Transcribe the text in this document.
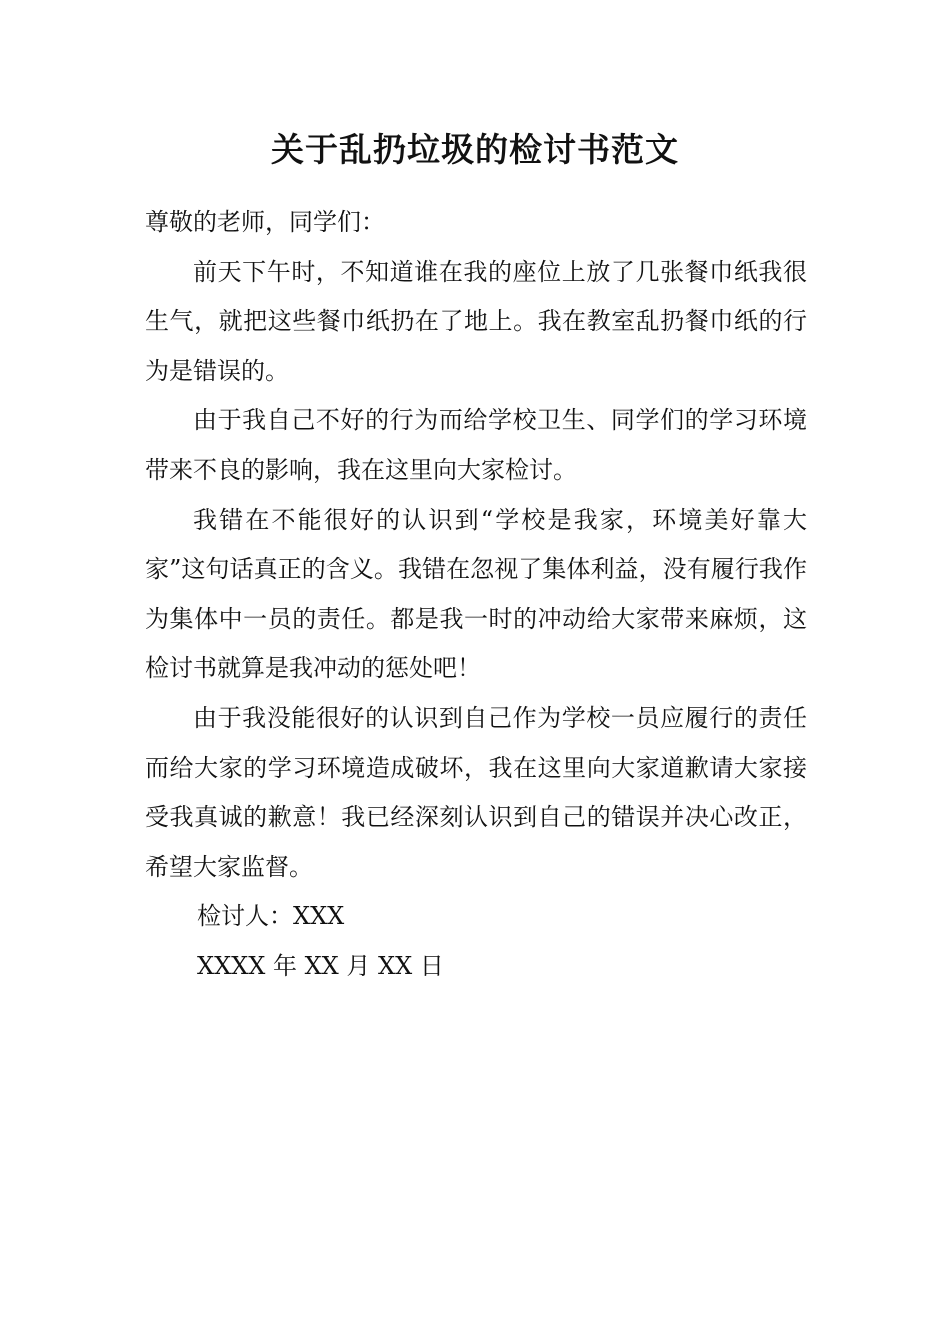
关于乱扔垃圾的检讨书范文

尊敬的老师，同学们：

前天下午时，不知道谁在我的座位上放了几张餐巾纸我很生气，就把这些餐巾纸扔在了地上。我在教室乱扔餐巾纸的行为是错误的。

由于我自己不好的行为而给学校卫生、同学们的学习环境带来不良的影响，我在这里向大家检讨。

我错在不能很好的认识到“学校是我家，环境美好靠大家”这句话真正的含义。我错在忽视了集体利益，没有履行我作为集体中一员的责任。都是我一时的冲动给大家带来麻烦，这检讨书就算是我冲动的惩处吧！

由于我没能很好的认识到自己作为学校一员应履行的责任而给大家的学习环境造成破坏，我在这里向大家道歉请大家接受我真诚的歉意！我已经深刻认识到自己的错误并决心改正，希望大家监督。

检讨人：XXX

XXXX 年 XX 月 XX 日
